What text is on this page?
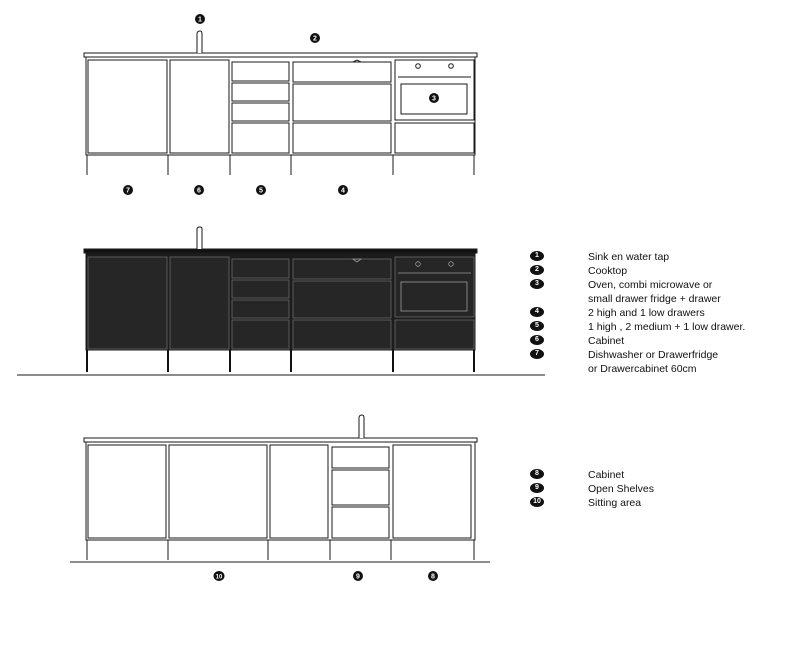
1
2
3
7	6	5	4
10	9	8
1	Sink en water tap
2	Cooktop
3	Oven, combi microwave or
small drawer fridge + drawer
4	2 high and 1 low drawers
5	1 high , 2 medium + 1 low drawer.
6	Cabinet
7	Dishwasher or Drawerfridge
or Drawercabinet 60cm
8	Cabinet
9	Open Shelves
10	Sitting area
